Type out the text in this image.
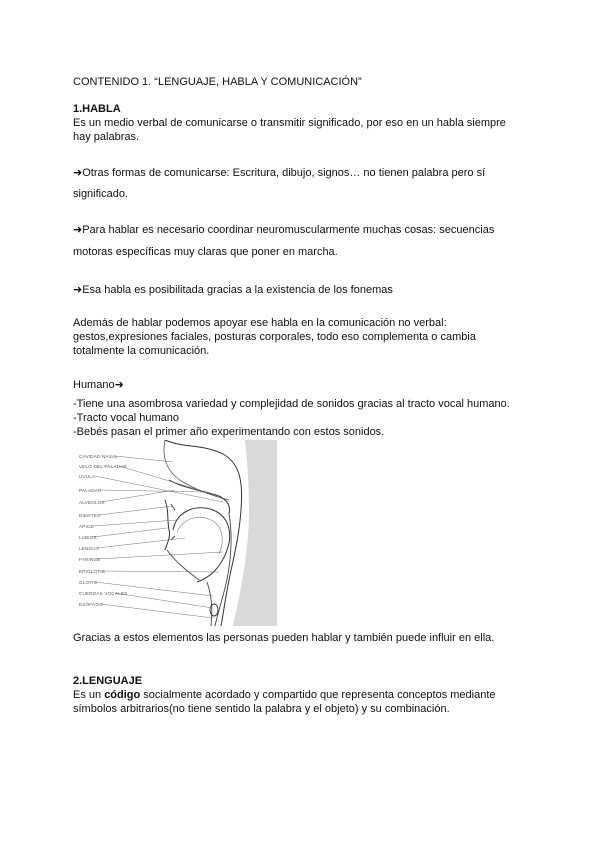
CONTENIDO 1. “LENGUAJE, HABLA Y COMUNICACIÓN”
1.HABLA
Es un medio verbal de comunicarse o transmitir significado, por eso en un habla siempre hay palabras.
➜Otras formas de comunicarse: Escritura, dibujo, signos… no tienen palabra pero sí
significado.
➜Para hablar es necesario coordinar neuromuscularmente muchas cosas: secuencias
motoras específicas muy claras que poner en marcha.
➜Esa habla es posibilitada gracias a la existencia de los fonemas
Además de hablar podemos apoyar ese habla en la comunicación no verbal: gestos,expresiones faciales, posturas corporales, todo eso complementa o cambia totalmente la comunicación.
Humano➜
-Tiene una asombrosa variedad y complejidad de sonidos gracias al tracto vocal humano.
-Tracto vocal humano
-Bebés pasan el primer año experimentando con estos sonidos.
CAVIDAD NASAL
VELO DEL PALADAR
ÚVULA
PALADAR
ALVÉOLOS
DIENTES
ÁPICE
LABIOS
LENGUA
FARINGE
EPIGLOTIS
GLOTIS
CUERDAS VOCALES
ESÓFAGO
Gracias a estos elementos las personas pueden hablar y también puede influir en ella.
2.LENGUAJE
Es un código socialmente acordado y compartido que representa conceptos mediante símbolos arbitrarios(no tiene sentido la palabra y el objeto) y su combinación.
